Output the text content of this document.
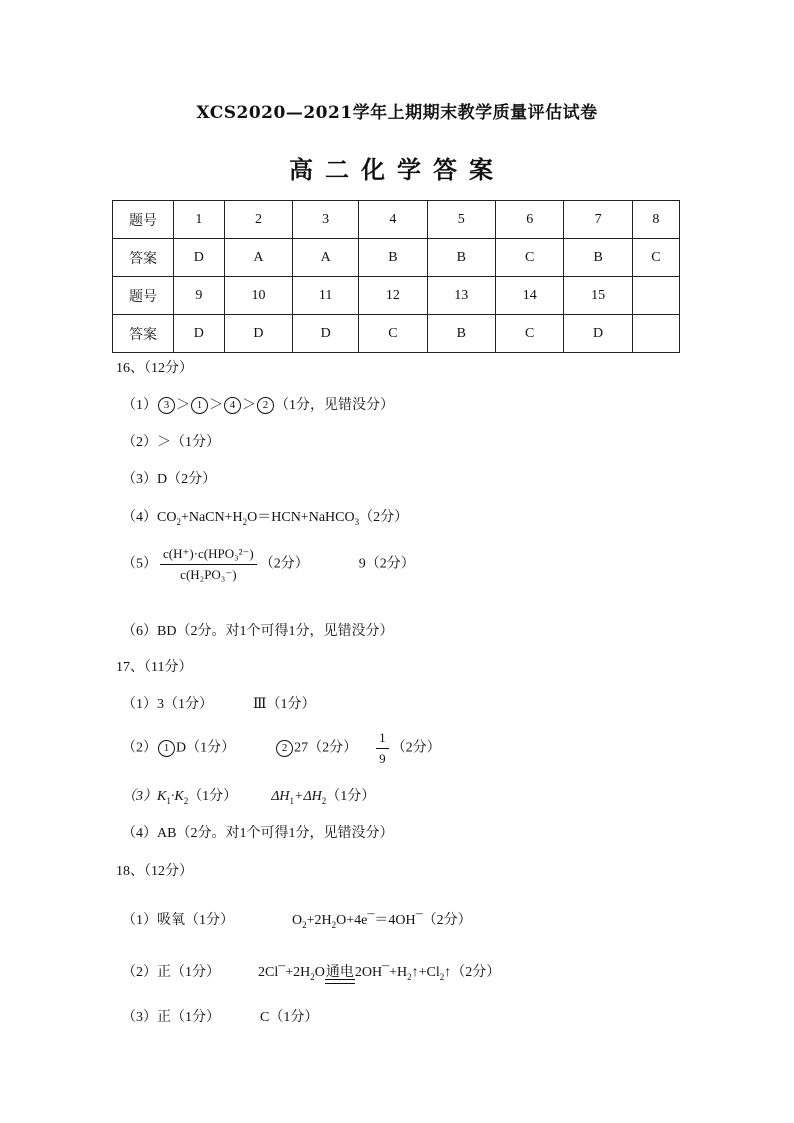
XCS2020—2021学年上期期末教学质量评估试卷
高二化学答案
题号	1	2	3	4	5	6	7	8
答案	D	A	A	B	B	C	B	C
题号	9	10	11	12	13	14	15	
答案	D	D	D	C	B	C	D	
16、（12分）
（1） 3 ＞ 1 ＞ 4 ＞ 2 （1分，见错没分）
（2）＞（1分）
（3）D（2分）
$(4)CO_2+NaCN+H_2O=HCN+NaHCO_3(2$分）
$(5) \frac{\text{c(H⁺)·c(HPO₃²⁻)}}{\text{c(H₂PO₃⁻)}} (2$分）	9（2分）
（6）BD（2分。对1个可得1分，见错没分）
17、（11分）
（1）3（1分）	Ⅲ（1分）
（2） 1 D（1分）	2 27（2分） $\frac{1}{9} (2$分）
$(3)K_1\cdot K_2(1$分） $\Delta H_1+\Delta H_2(1$分）
（4）AB（2分。对1个可得1分，见错没分）
18、（12分）
（1）吸氧（1分）	$O_2+2H_2O+4e¯=4OH¯(2$分）
（2）正（1分）	$2Cl¯+2H_2O$通电$2OH¯+H_2↑+Cl_2↑(2$分）
（3）正（1分）	C（1分）
